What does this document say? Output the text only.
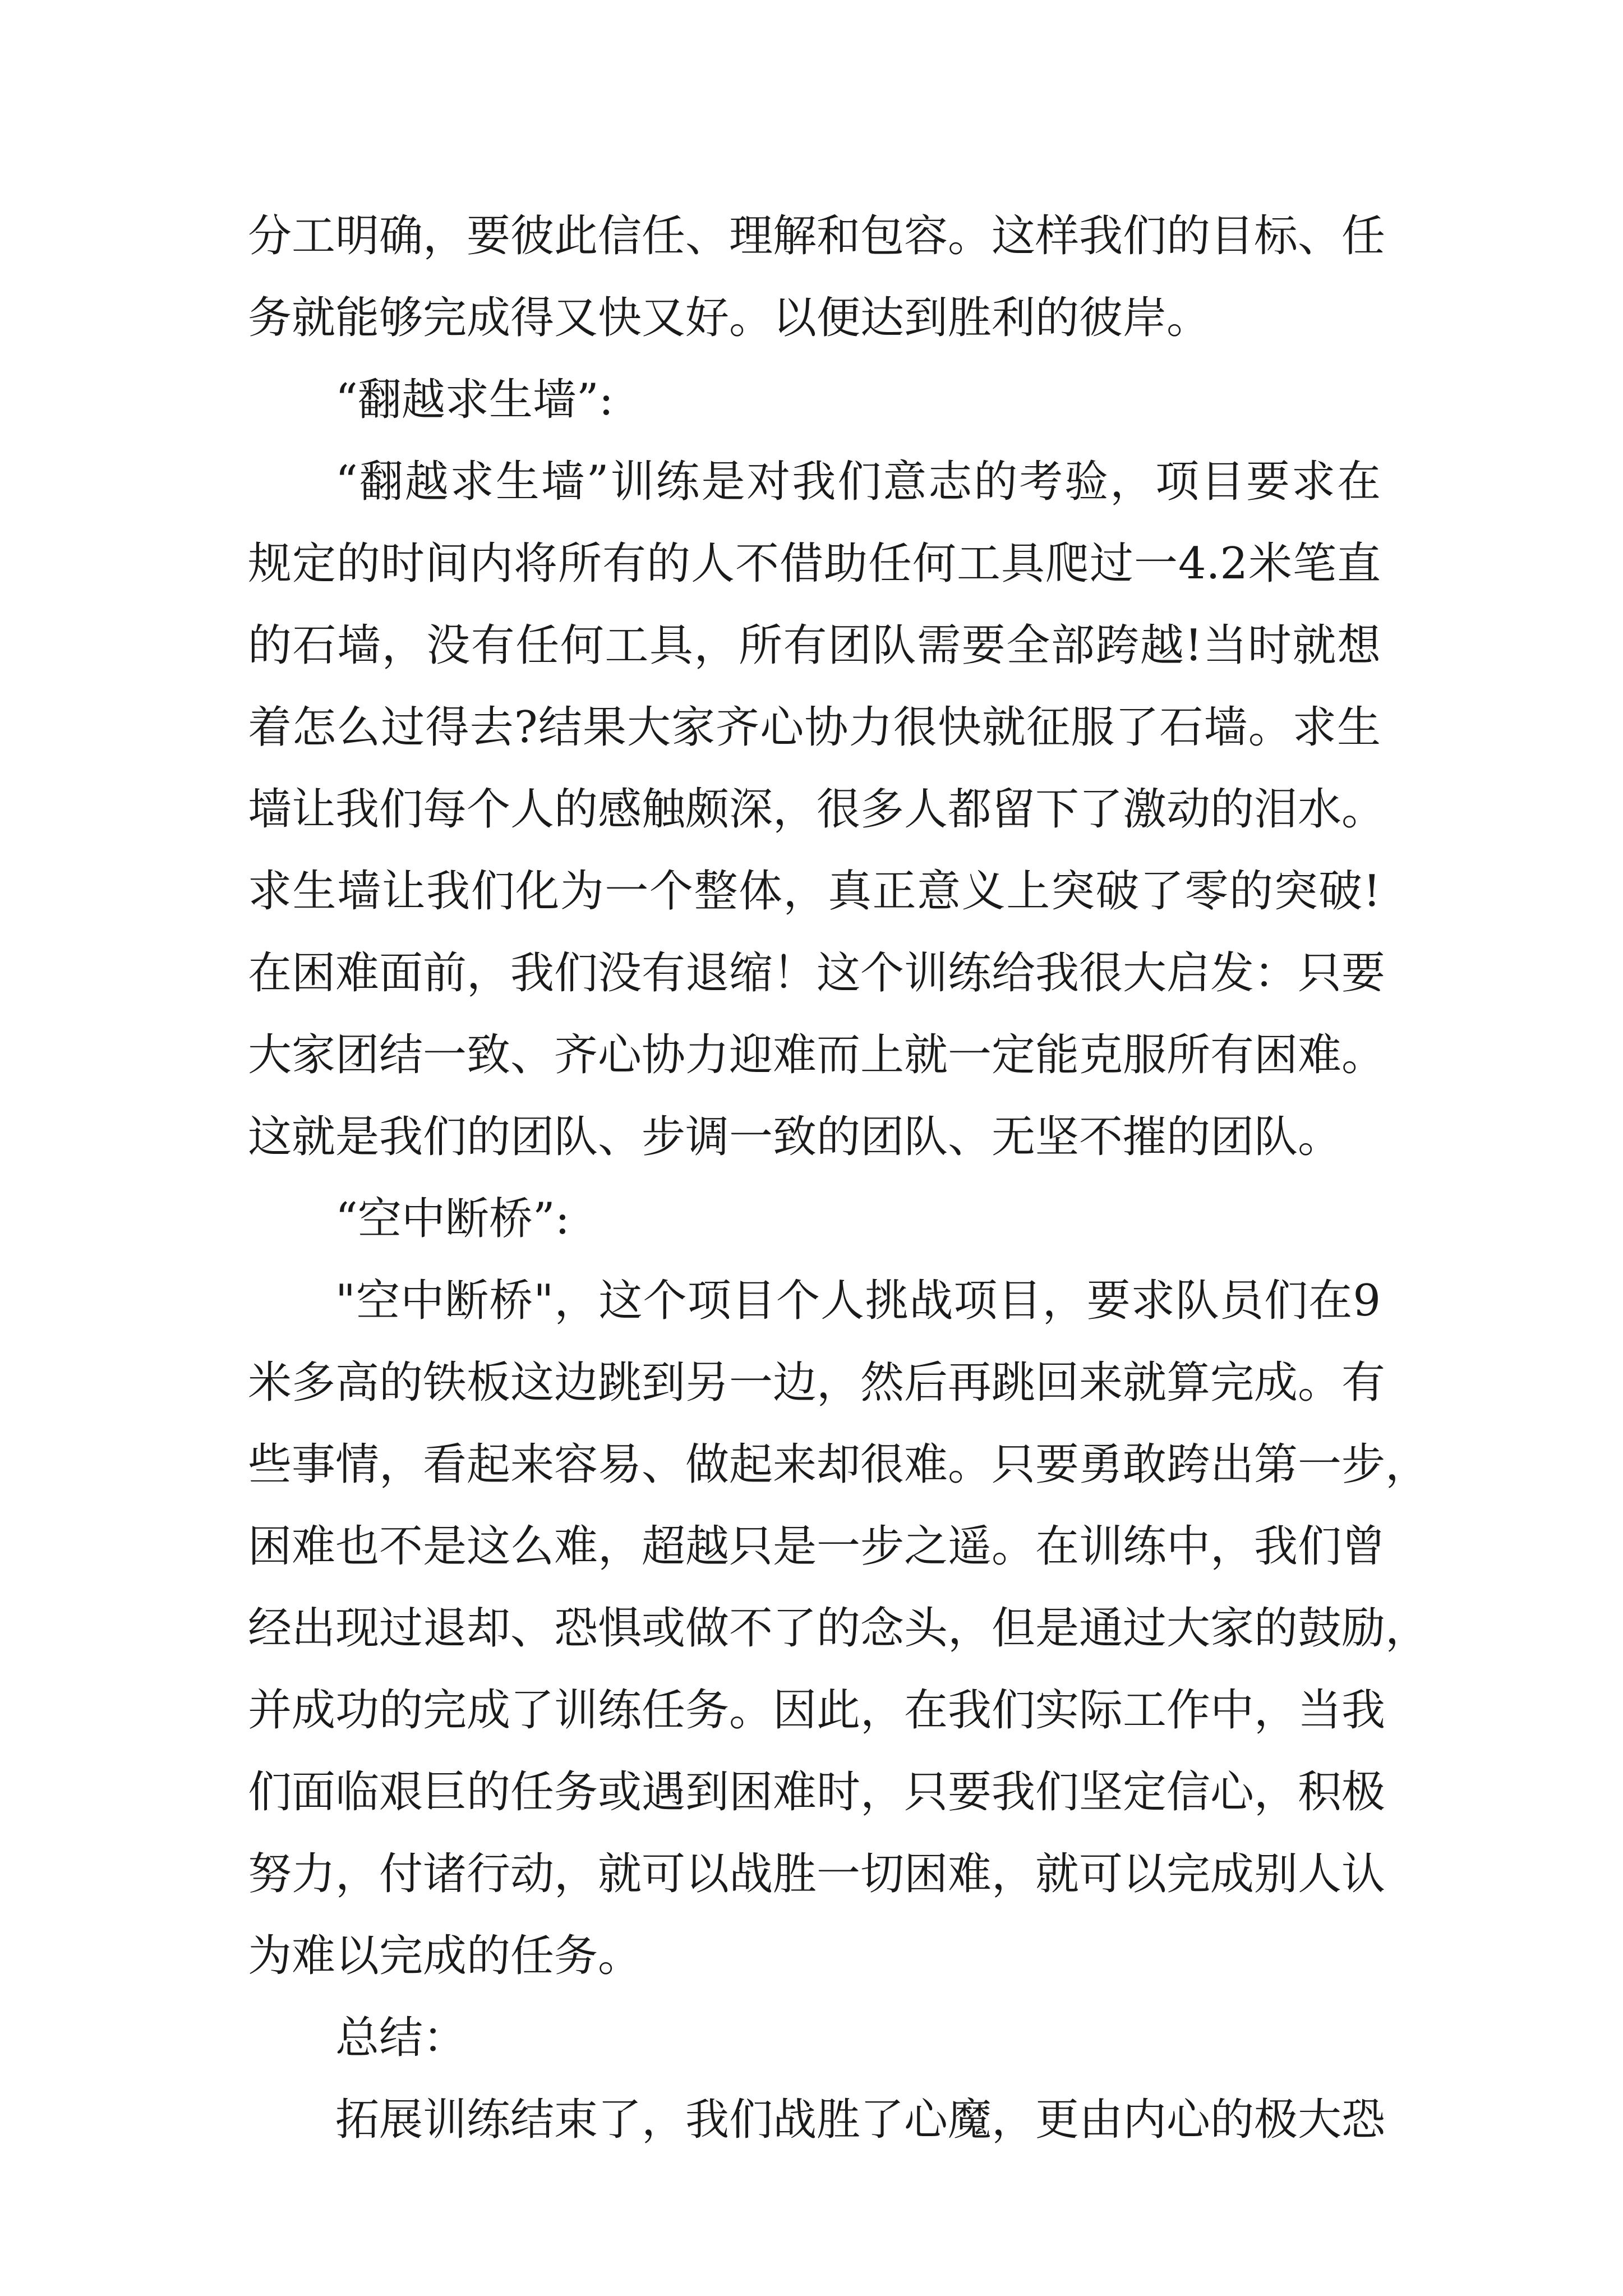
分工明确，要彼此信任、理解和包容。这样我们的目标、任
务就能够完成得又快又好。以便达到胜利的彼岸。
“翻越求生墙”:
“翻越求生墙”训练是对我们意志的考验，项目要求在
规定的时间内将所有的人不借助任何工具爬过一4.2米笔直
的石墙，没有任何工具，所有团队需要全部跨越!当时就想
着怎么过得去?结果大家齐心协力很快就征服了石墙。求生
墙让我们每个人的感触颇深，很多人都留下了激动的泪水。
求生墙让我们化为一个整体，真正意义上突破了零的突破!
在困难面前，我们没有退缩！这个训练给我很大启发：只要
大家团结一致、齐心协力迎难而上就一定能克服所有困难。
这就是我们的团队、步调一致的团队、无坚不摧的团队。
“空中断桥”:
"空中断桥"，这个项目个人挑战项目，要求队员们在9
米多高的铁板这边跳到另一边，然后再跳回来就算完成。有
些事情，看起来容易、做起来却很难。只要勇敢跨出第一步，
困难也不是这么难，超越只是一步之遥。在训练中，我们曾
经出现过退却、恐惧或做不了的念头，但是通过大家的鼓励，
并成功的完成了训练任务。因此，在我们实际工作中，当我
们面临艰巨的任务或遇到困难时，只要我们坚定信心，积极
努力，付诸行动，就可以战胜一切困难，就可以完成别人认
为难以完成的任务。
总结：
拓展训练结束了，我们战胜了心魔，更由内心的极大恐
